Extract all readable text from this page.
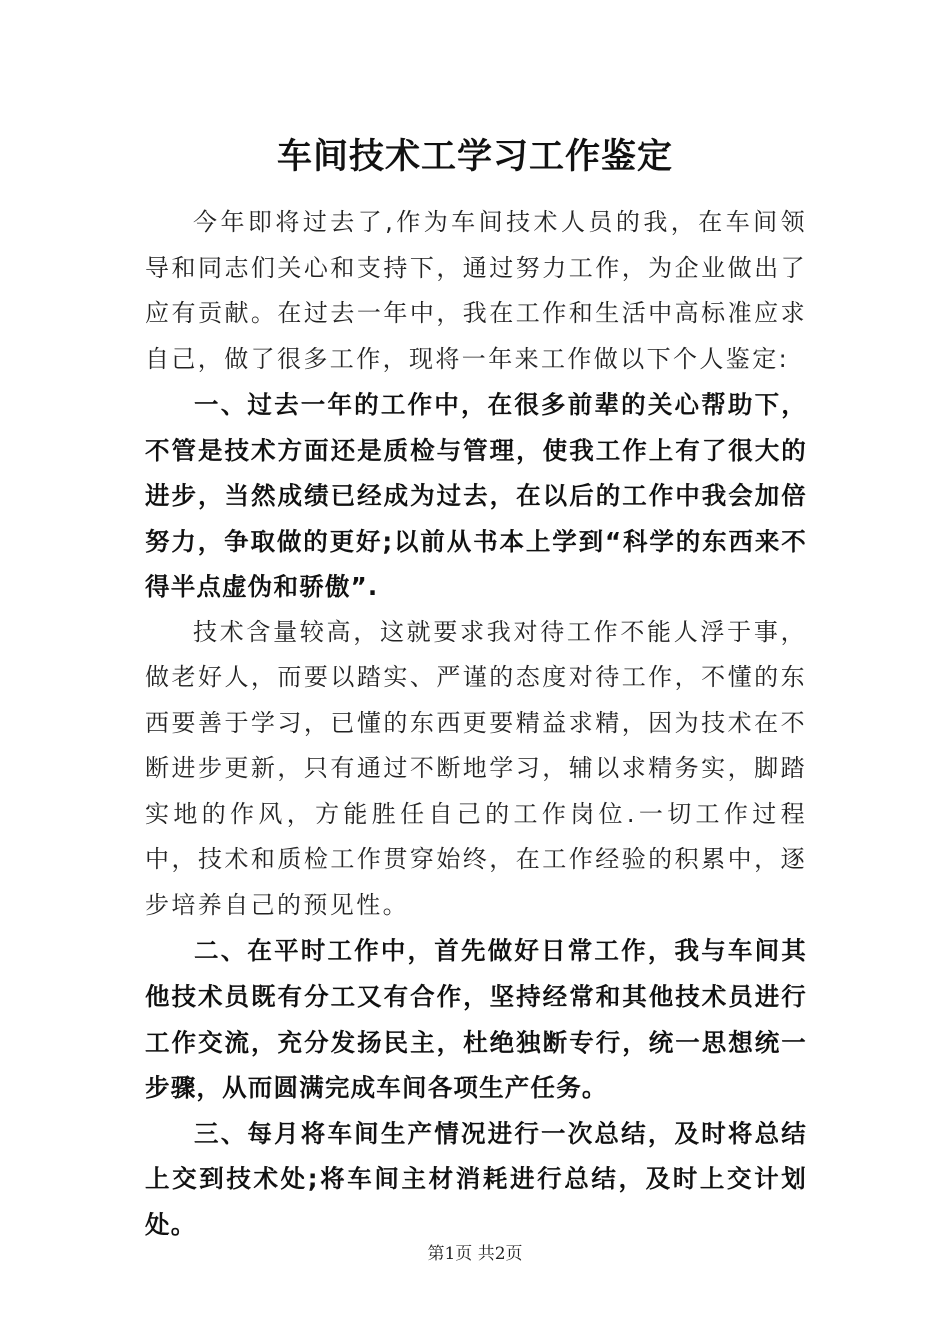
车间技术工学习工作鉴定

今年即将过去了,作为车间技术人员的我，在车间领导和同志们关心和支持下，通过努力工作，为企业做出了应有贡献。在过去一年中，我在工作和生活中高标准应求自己，做了很多工作，现将一年来工作做以下个人鉴定:

一、过去一年的工作中，在很多前辈的关心帮助下，不管是技术方面还是质检与管理，使我工作上有了很大的进步，当然成绩已经成为过去，在以后的工作中我会加倍努力，争取做的更好;以前从书本上学到“科学的东西来不得半点虚伪和骄傲”.

技术含量较高，这就要求我对待工作不能人浮于事，做老好人，而要以踏实、严谨的态度对待工作，不懂的东西要善于学习，已懂的东西更要精益求精，因为技术在不断进步更新，只有通过不断地学习，辅以求精务实，脚踏实地的作风，方能胜任自己的工作岗位.一切工作过程中，技术和质检工作贯穿始终，在工作经验的积累中，逐步培养自己的预见性。

二、在平时工作中，首先做好日常工作，我与车间其他技术员既有分工又有合作，坚持经常和其他技术员进行工作交流，充分发扬民主，杜绝独断专行，统一思想统一步骤，从而圆满完成车间各项生产任务。

三、每月将车间生产情况进行一次总结，及时将总结上交到技术处;将车间主材消耗进行总结，及时上交计划处。

第1页 共2页
